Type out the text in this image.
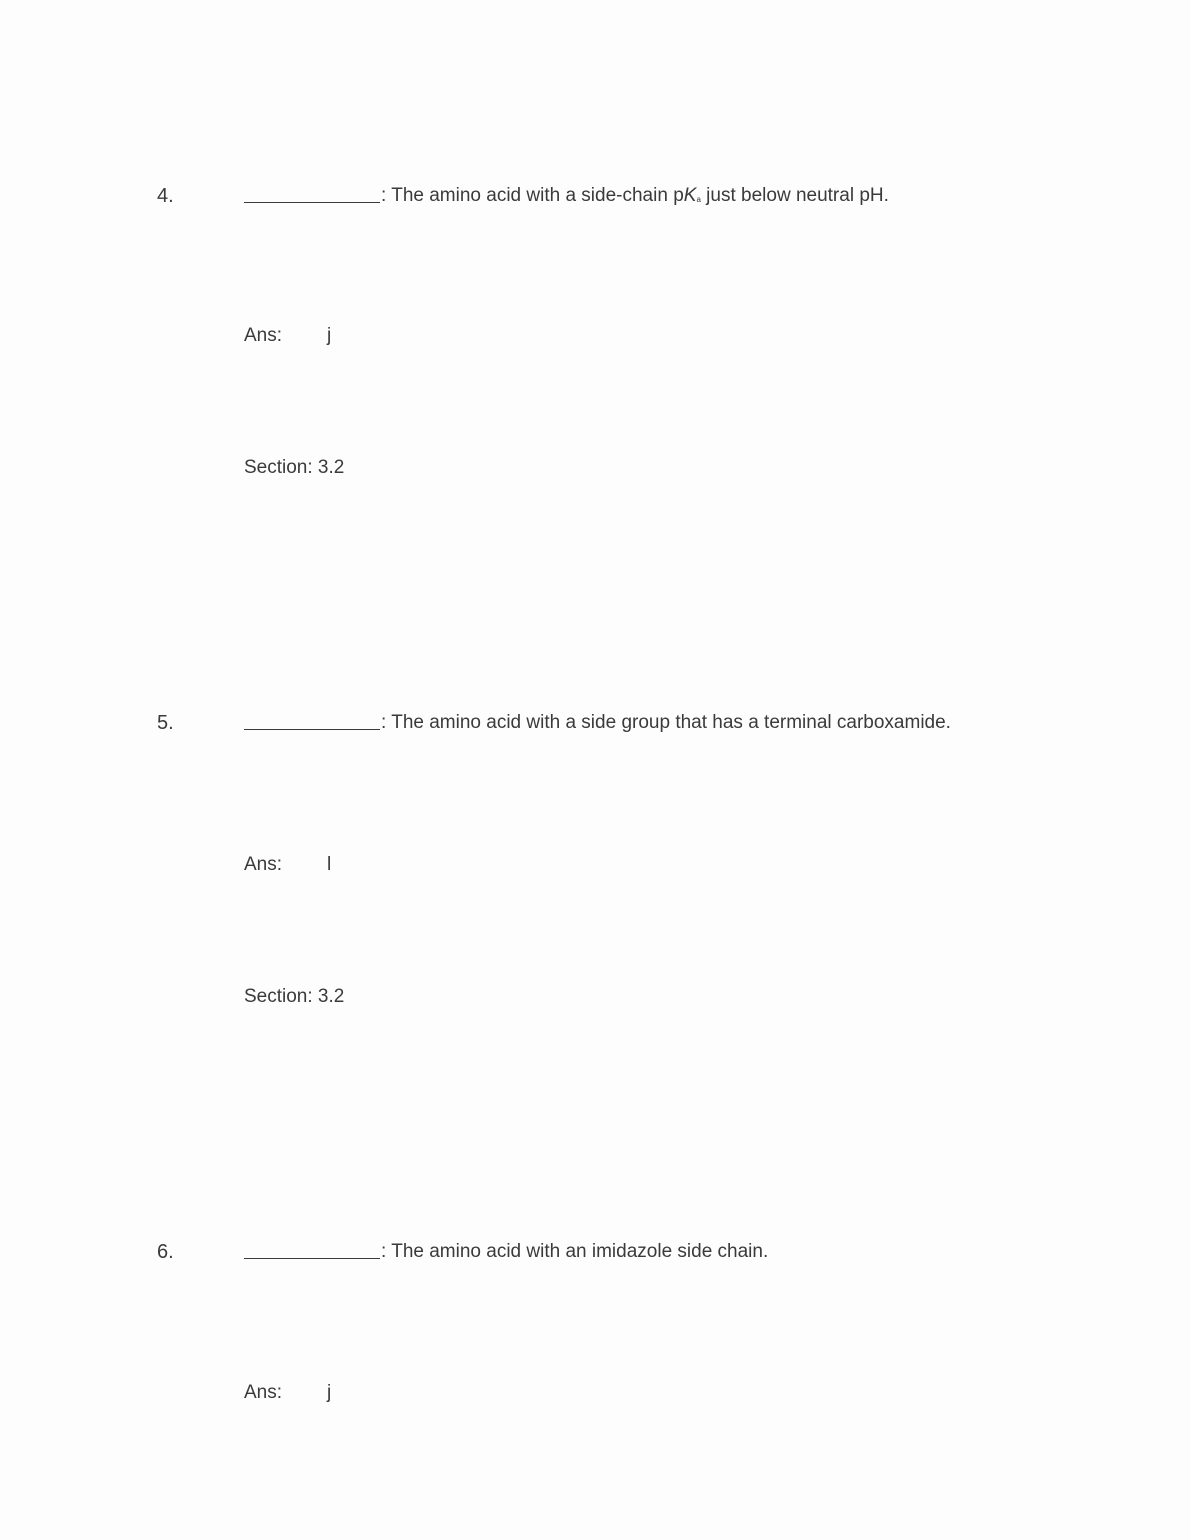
4.	: The amino acid with a side-chain $pK_a$ just below neutral pH.
Ans: j
Section: 3.2
5.	: The amino acid with a side group that has a terminal carboxamide.
Ans: l
Section: 3.2
6.	: The amino acid with an imidazole side chain.
Ans: j
